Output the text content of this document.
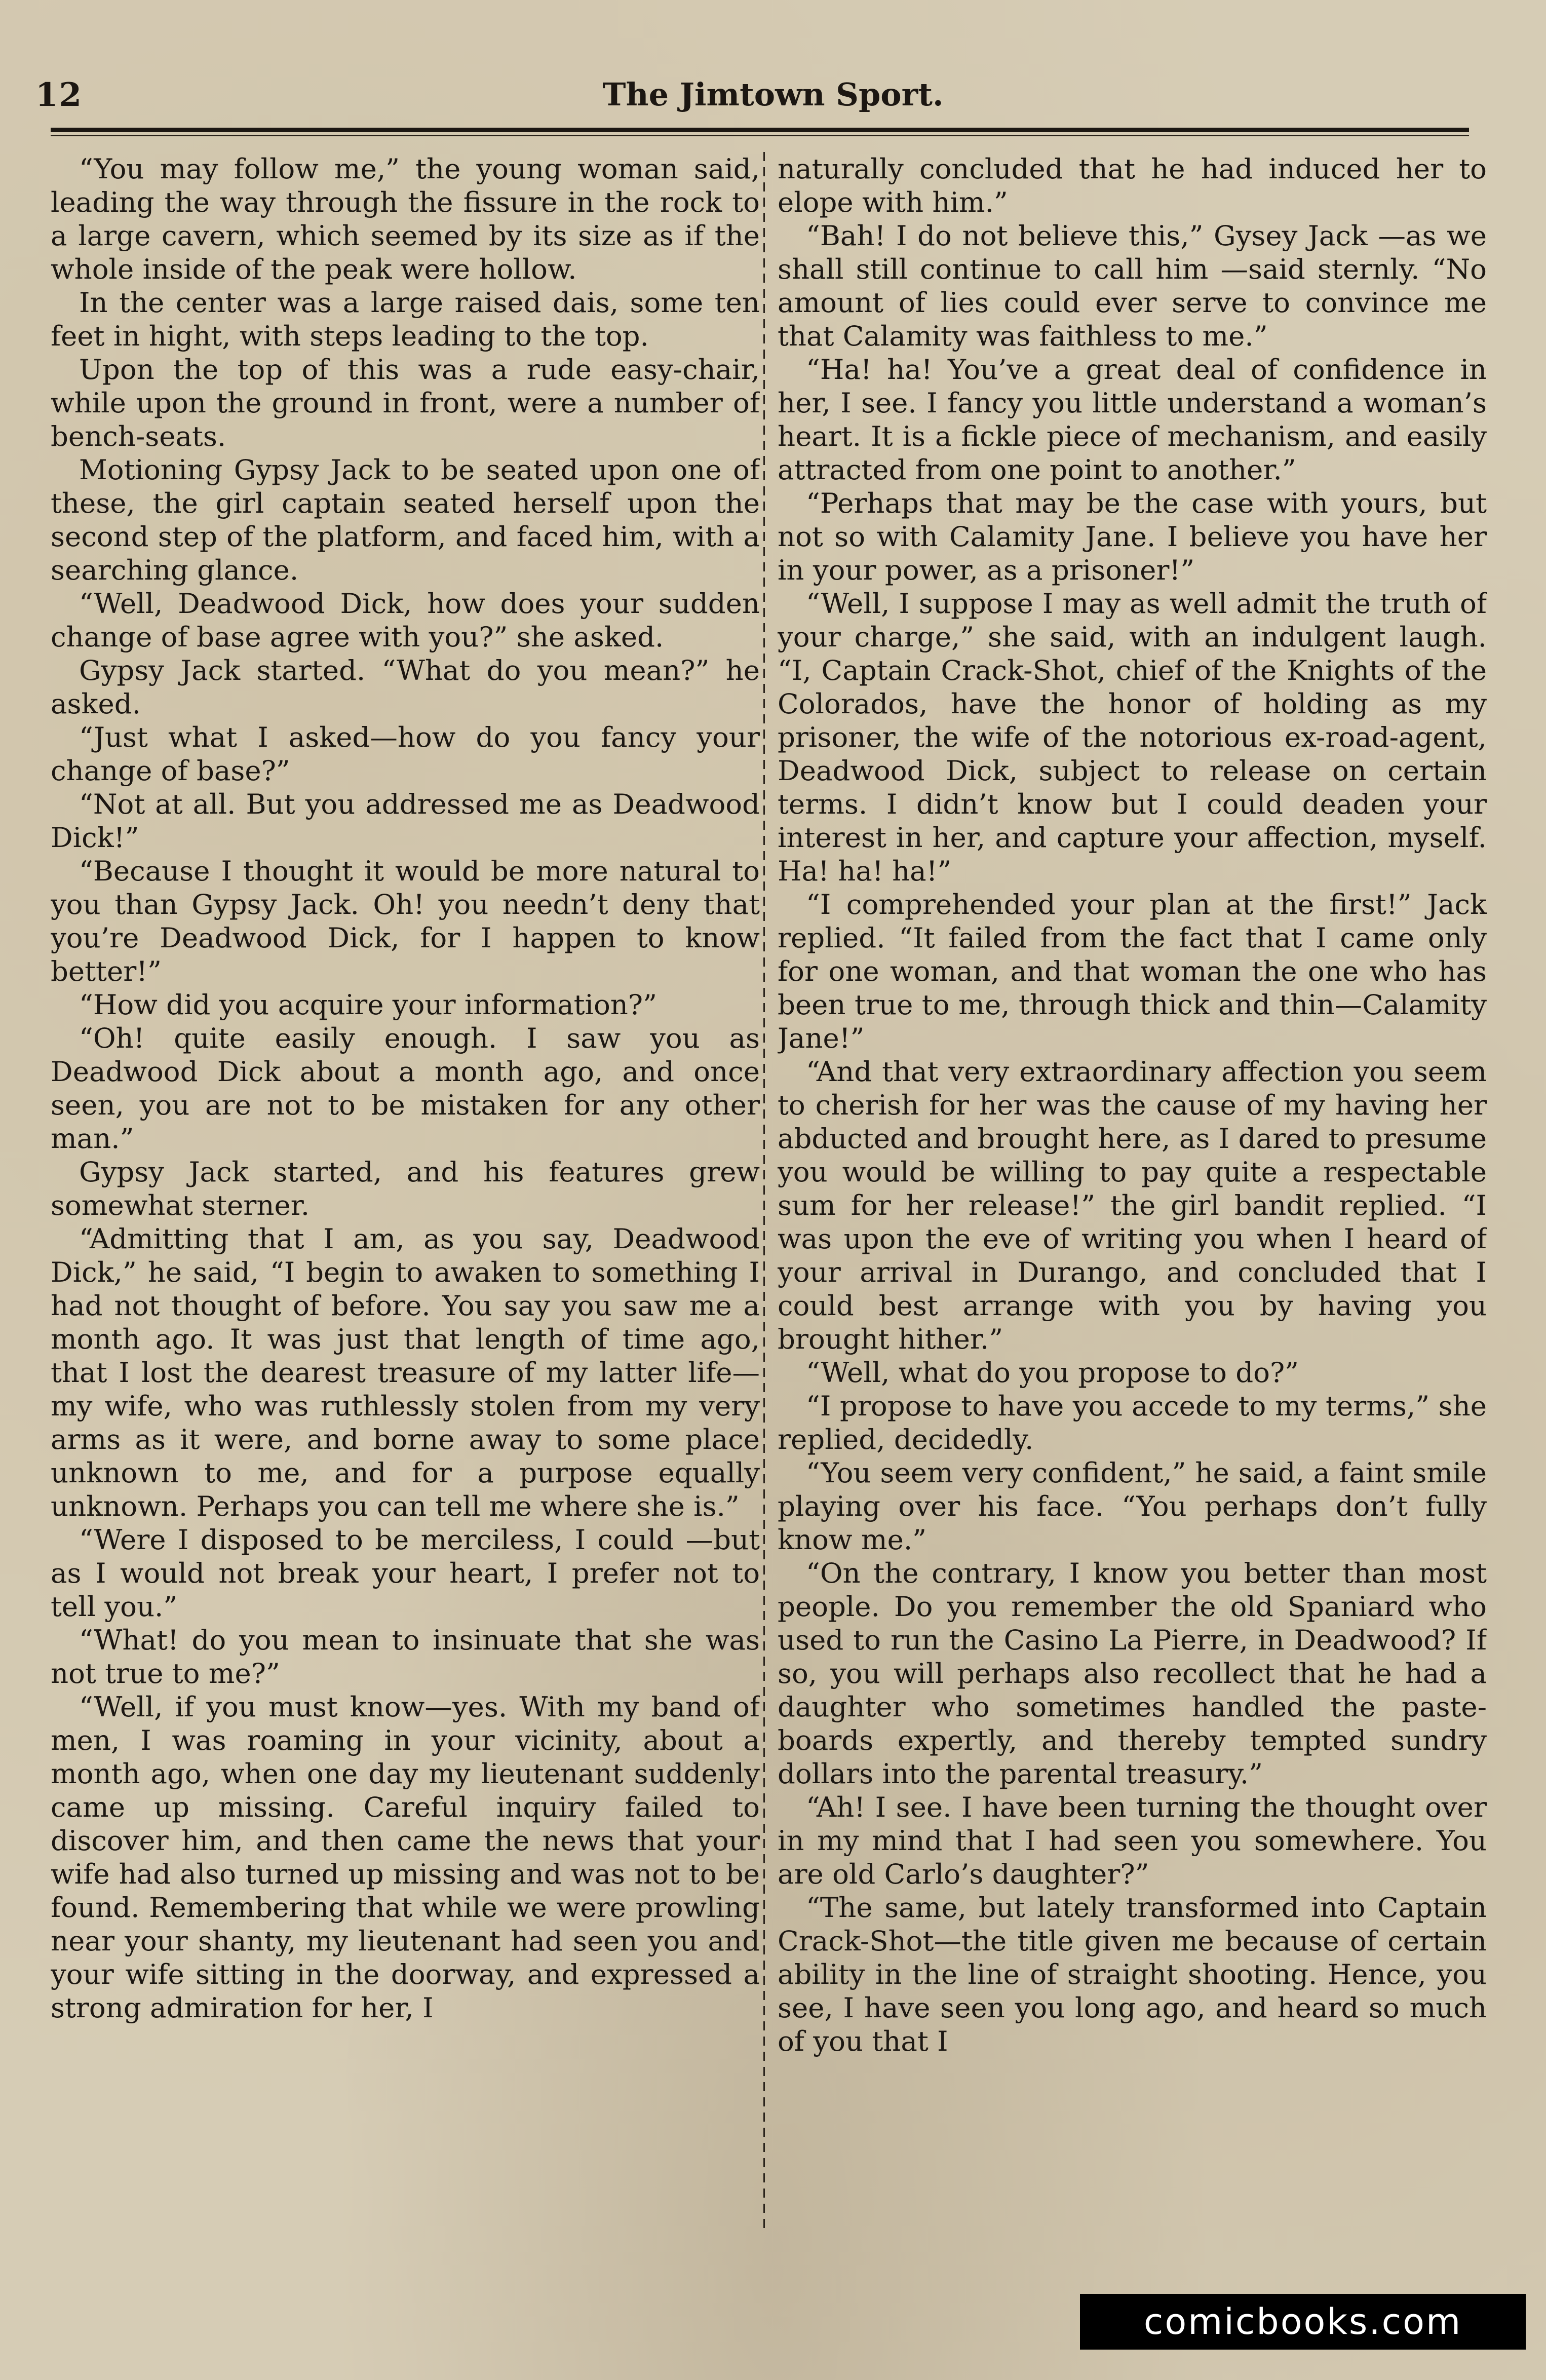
12	The Jimtown Sport.

“You may follow me,” the young woman said, leading the way through the fissure in the rock to a large cavern, which seemed by its size as if the whole inside of the peak were hollow.

In the center was a large raised dais, some ten feet in hight, with steps leading to the top.

Upon the top of this was a rude easy-chair, while upon the ground in front, were a number of bench-seats.

Motioning Gypsy Jack to be seated upon one of these, the girl captain seated herself upon the second step of the platform, and faced him, with a searching glance.

“Well, Deadwood Dick, how does your sudden change of base agree with you?” she asked.

Gypsy Jack started. “What do you mean?” he asked.

“Just what I asked—how do you fancy your change of base?”

“Not at all. But you addressed me as Deadwood Dick!”

“Because I thought it would be more natural to you than Gypsy Jack. Oh! you needn’t deny that you’re Deadwood Dick, for I happen to know better!”

“How did you acquire your information?”

“Oh! quite easily enough. I saw you as Deadwood Dick about a month ago, and once seen, you are not to be mistaken for any other man.”

Gypsy Jack started, and his features grew somewhat sterner.

“Admitting that I am, as you say, Deadwood Dick,” he said, “I begin to awaken to something I had not thought of before. You say you saw me a month ago. It was just that length of time ago, that I lost the dearest treasure of my latter life—my wife, who was ruthlessly stolen from my very arms as it were, and borne away to some place unknown to me, and for a purpose equally unknown. Perhaps you can tell me where she is.”

“Were I disposed to be merciless, I could —but as I would not break your heart, I prefer not to tell you.”

“What! do you mean to insinuate that she was not true to me?”

“Well, if you must know—yes. With my band of men, I was roaming in your vicinity, about a month ago, when one day my lieutenant suddenly came up missing. Careful inquiry failed to discover him, and then came the news that your wife had also turned up missing and was not to be found. Remembering that while we were prowling near your shanty, my lieutenant had seen you and your wife sitting in the doorway, and expressed a strong admiration for her, I

naturally concluded that he had induced her to elope with him.”

“Bah! I do not believe this,” Gysey Jack —as we shall still continue to call him —said sternly. “No amount of lies could ever serve to convince me that Calamity was faithless to me.”

“Ha! ha! You’ve a great deal of confidence in her, I see. I fancy you little understand a woman’s heart. It is a fickle piece of mechanism, and easily attracted from one point to another.”

“Perhaps that may be the case with yours, but not so with Calamity Jane. I believe you have her in your power, as a prisoner!”

“Well, I suppose I may as well admit the truth of your charge,” she said, with an indulgent laugh. “I, Captain Crack-Shot, chief of the Knights of the Colorados, have the honor of holding as my prisoner, the wife of the notorious ex-road-agent, Deadwood Dick, subject to release on certain terms. I didn’t know but I could deaden your interest in her, and capture your affection, myself. Ha! ha! ha!”

“I comprehended your plan at the first!” Jack replied. “It failed from the fact that I came only for one woman, and that woman the one who has been true to me, through thick and thin—Calamity Jane!”

“And that very extraordinary affection you seem to cherish for her was the cause of my having her abducted and brought here, as I dared to presume you would be willing to pay quite a respectable sum for her release!” the girl bandit replied. “I was upon the eve of writing you when I heard of your arrival in Durango, and concluded that I could best arrange with you by having you brought hither.”

“Well, what do you propose to do?”

“I propose to have you accede to my terms,” she replied, decidedly.

“You seem very confident,” he said, a faint smile playing over his face. “You perhaps don’t fully know me.”

“On the contrary, I know you better than most people. Do you remember the old Spaniard who used to run the Casino La Pierre, in Deadwood? If so, you will perhaps also recollect that he had a daughter who sometimes handled the paste-boards expertly, and thereby tempted sundry dollars into the parental treasury.”

“Ah! I see. I have been turning the thought over in my mind that I had seen you somewhere. You are old Carlo’s daughter?”

“The same, but lately transformed into Captain Crack-Shot—the title given me because of certain ability in the line of straight shooting. Hence, you see, I have seen you long ago, and heard so much of you that I

comicbooks.com
